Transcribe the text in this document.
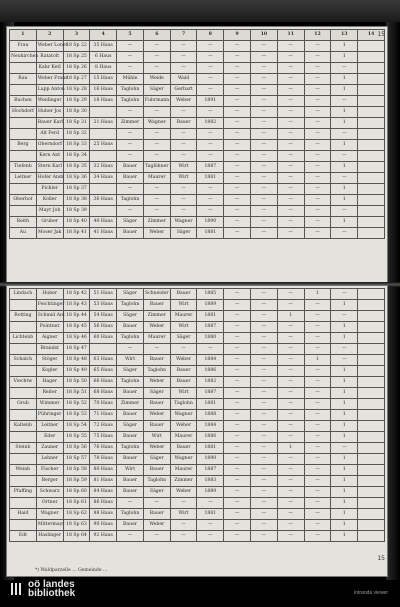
1	2	3	4	5	6	7	8	9	10	11	12	13	14
Frau	Weber Lonet	18 Sp 22	35 Haus	—	—	—	—	—	—	—	—	1	
Neukirchen	Ratatolt	18 Sp 25	6 Haus	—	—	—	—	—	—	—	—	1	
	Kahr Ketl	18 Sp 26	8 Haus	—	—	—	—	—	—	—	—	—	
Rau	Weber Franz	18 Sp 27	15 Haus	Mühle	Weide	Wald	—	—	—	—	—	1	
	Lapp Anton	18 Sp 28	16 Haus	Taglohn	Säger	Gerhart	—	—	—	—	—	1	
Buchen	Weidinger	18 Sp 29	18 Haus	Taglohn	Fuhrmann	Weber	1891	—	—	—	—	—	
Hochdorf	Huber Jos	18 Sp 30		—	—	—	—	—	—	—	—	1	
	Bauer Karl	18 Sp 31	21 Haus	Zimmer	Wagner	Bauer	1882	—	—	—	—	1	
	Alt Ferd	18 Sp 32		—	—	—	—	—	—	—	—	—	
Berg	Oberndorf	18 Sp 33	25 Haus	—	—	—	—	—	—	—	—	1	
	Kern Ant	18 Sp 34		—	—	—	—	—	—	—	—	—	
Tiefenb	Stern Karl	18 Sp 35	32 Haus	Bauer	Taglöhner	Wirt	1887	—	—	—	—	1	
Leitner	Hofer Andr	18 Sp 36	34 Haus	Bauer	Maurer	Wirt	1881	—	—	—	—	—	
	Pichler	18 Sp 37		—	—	—	—	—	—	—	—	1	
Oberhof	Koller	18 Sp 38	36 Haus	Taglohn	—	—	—	—	—	—	—	1	
	Mayr Joh	18 Sp 39		—	—	—	—	—	—	—	—	—	
Reith	Gruber	18 Sp 40	40 Haus	Säger	Zimmer	Wagner	1890	—	—	—	—	1	
Au	Moser Jak	18 Sp 41	41 Haus	Bauer	Weber	Säger	1881	—	—	—	—	—	
15
Lindach	Huber	18 Sp 42	51 Haus	Säger	Schneider	Bauer	1885	—	—	—	1	—	
	Feichtinger	18 Sp 43	53 Haus	Taglohn	Bauer	Wirt	1889	—	—	—	—	1	
Rotting	Schmid Ant	18 Sp 44	54 Haus	Säger	Zimmer	Maurer	1881	—	—	1	—	—	
	Pointner	18 Sp 45	56 Haus	Bauer	Weber	Wirt	1887	—	—	—	—	1	
Lichtenb	Aigner	18 Sp 46	60 Haus	Taglohn	Maurer	Säger	1880	—	—	—	—	1	
	Brandst	18 Sp 47		—	—	—	—	—	—	—	—	—	
Schalch	Stöger	18 Sp 48	63 Haus	Wirt	Bauer	Weber	1884	—	—	—	1	—	
	Kogler	18 Sp 49	65 Haus	Säger	Taglohn	Bauer	1886	—	—	—	—	1	
Viechtw	Hager	18 Sp 50	66 Haus	Taglohn	Weber	Bauer	1882	—	—	—	—	1	
	Reiter	18 Sp 51	68 Haus	Bauer	Säger	Wirt	1887	—	—	—	—	1	
Grub	Wimmer	18 Sp 52	70 Haus	Zimmer	Bauer	Taglohn	1881	—	—	—	—	1	
	Pühringer	18 Sp 53	71 Haus	Bauer	Weber	Wagner	1888	—	—	—	—	1	
Kaltenb	Leitner	18 Sp 54	72 Haus	Säger	Bauer	Weber	1884	—	—	—	—	1	
	Eder	18 Sp 55	75 Haus	Bauer	Wirt	Maurer	1886	—	—	—	—	1	
Steinb	Zauner	18 Sp 56	76 Haus	Taglohn	Weber	Bauer	1881	—	—	1	—	—	
	Lehner	18 Sp 57	78 Haus	Bauer	Säger	Wagner	1890	—	—	—	—	1	
Weinb	Fischer	18 Sp 58	80 Haus	Wirt	Bauer	Maurer	1887	—	—	—	—	1	
	Berger	18 Sp 59	81 Haus	Bauer	Taglohn	Zimmer	1883	—	—	—	—	1	
Pfaffing	Schwarz	18 Sp 60	84 Haus	Bauer	Säger	Weber	1889	—	—	—	—	1	
	Ortner	18 Sp 61	86 Haus	—	—	—	—	—	—	—	—	1	
Haid	Wagner	18 Sp 62	88 Haus	Taglohn	Bauer	Wirt	1881	—	—	—	—	1	
	Mittermayr	18 Sp 63	90 Haus	Bauer	Weber	—	—	—	—	—	—	1	
Edt	Haslinger	18 Sp 64	92 Haus	—	—	—	—	—	—	—	—	1	
15
*) Waldparzelle ... Gemeinde ...
oö landes
bibliothek	intranda viewer
